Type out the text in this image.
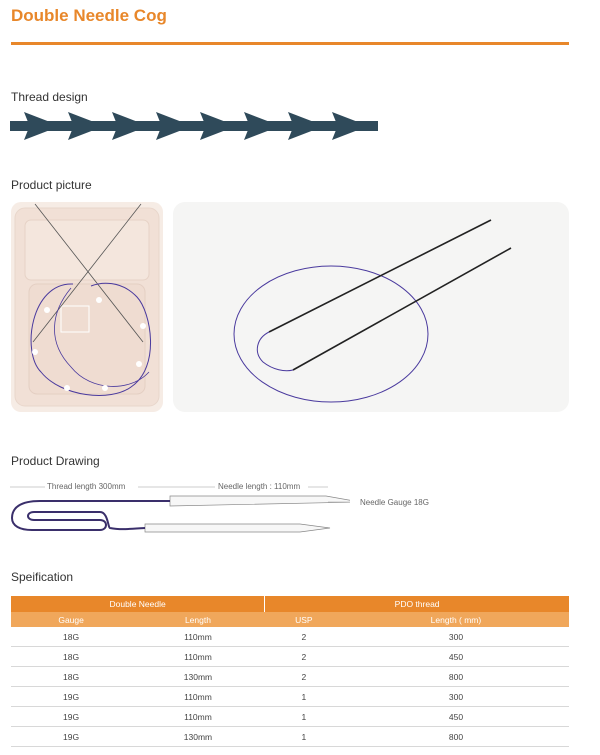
Double Needle Cog
Thread design
Product picture
Product Drawing
Thread length 300mm	Needle length : 110mm
Needle Gauge 18G
Speification
Double Needle		PDO thread	
Gauge	Length	USP	Length ( mm)
18G	110mm	2	300
18G	110mm	2	450
18G	130mm	2	800
19G	110mm	1	300
19G	110mm	1	450
19G	130mm	1	800
